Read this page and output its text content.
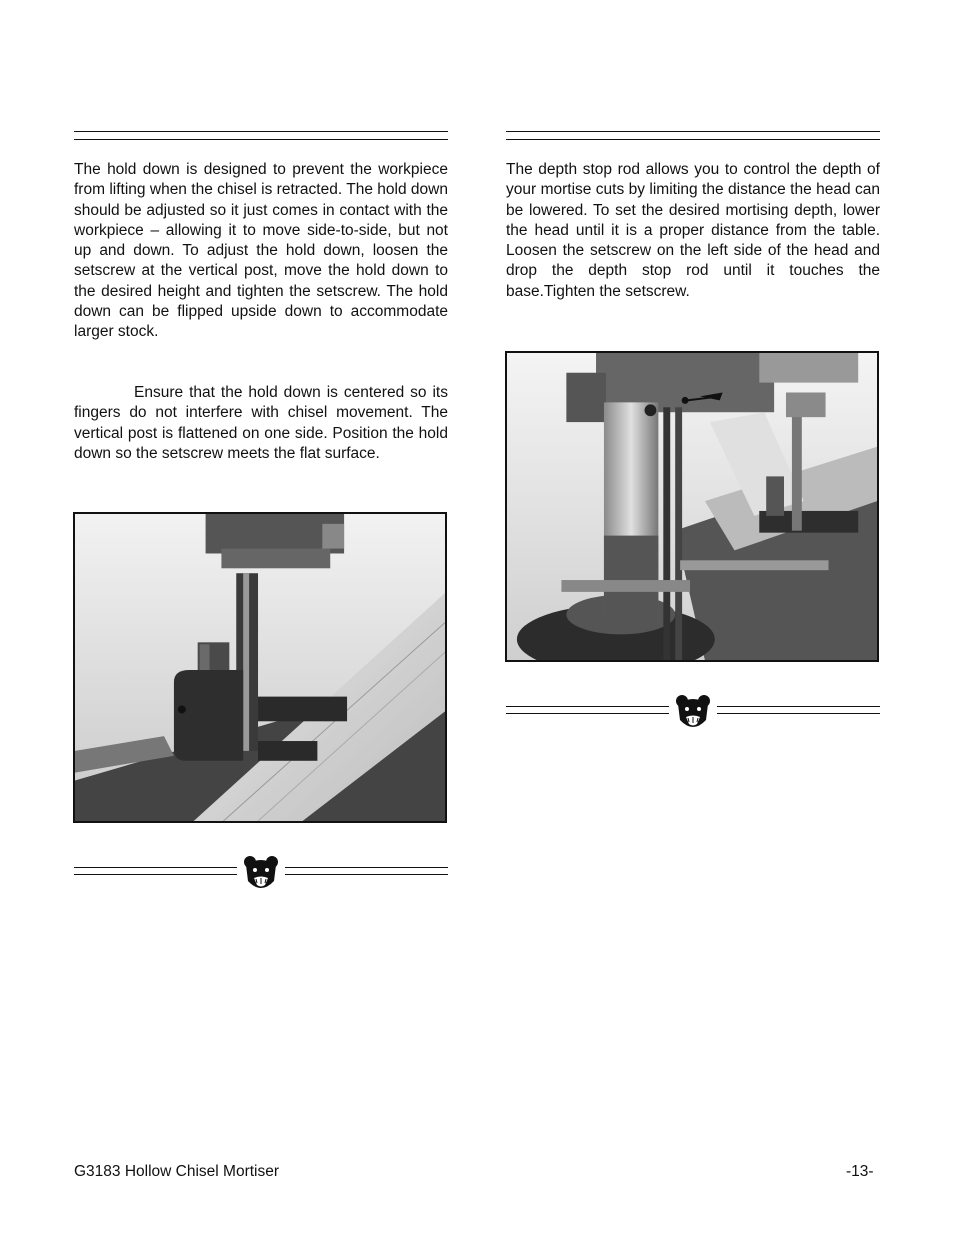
The hold down is designed to prevent the workpiece from lifting when the chisel is retracted. The hold down should be adjusted so it just comes in contact with the workpiece – allowing it to move side-to-side, but not up and down. To adjust the hold down, loosen the setscrew at the vertical post, move the hold down to the desired height and tighten the setscrew. The hold down can be flipped upside down to accommodate larger stock.

Ensure that the hold down is centered so its fingers do not interfere with chisel movement. The vertical post is flattened on one side. Position the hold down so the setscrew meets the flat surface.

The depth stop rod allows you to control the depth of your mortise cuts by limiting the distance the head can be lowered. To set the desired mortising depth, lower the head until it is a proper distance from the table. Loosen the setscrew on the left side of the head and drop the depth stop rod until it touches the base.Tighten the setscrew.

G3183 Hollow Chisel Mortiser	-13-
